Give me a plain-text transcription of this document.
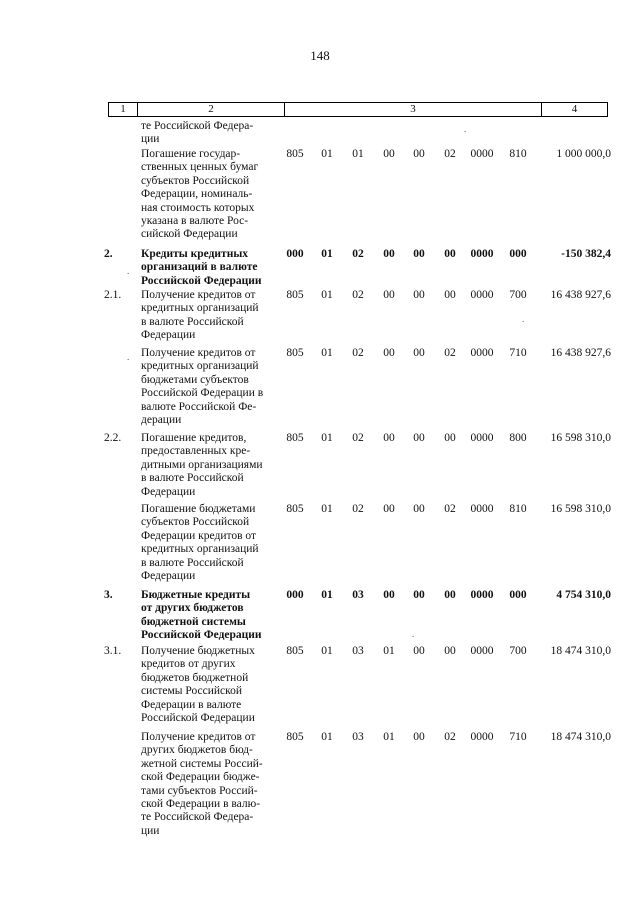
148
1	2	3	4
те Российской Федера-
ции
Погашение государ-
ственных ценных бумаг
субъектов Российской
Федерации, номиналь-
ная стоимость которых
указана в валюте Рос-
сийской Федерации
805	01	01	00	00	02	0000	810	1 000 000,0
2.	Кредиты кредитных
организаций в валюте
Российской Федерации
000	01	02	00	00	00	0000	000	-150 382,4
2.1.	Получение кредитов от
кредитных организаций
в валюте Российской
Федерации
805	01	02	00	00	00	0000	700	16 438 927,6
Получение кредитов от
кредитных организаций
бюджетами субъектов
Российской Федерации в
валюте Российской Фе-
дерации
805	01	02	00	00	02	0000	710	16 438 927,6
2.2.	Погашение кредитов,
предоставленных кре-
дитными организациями
в валюте Российской
Федерации
805	01	02	00	00	00	0000	800	16 598 310,0
Погашение бюджетами
субъектов Российской
Федерации кредитов от
кредитных организаций
в валюте Российской
Федерации
805	01	02	00	00	02	0000	810	16 598 310,0
3.	Бюджетные кредиты
от других бюджетов
бюджетной системы
Российской Федерации
000	01	03	00	00	00	0000	000	4 754 310,0
3.1.	Получение бюджетных
кредитов от других
бюджетов бюджетной
системы Российской
Федерации в валюте
Российской Федерации
805	01	03	01	00	00	0000	700	18 474 310,0
Получение кредитов от
других бюджетов бюд-
жетной системы Россий-
ской Федерации бюдже-
тами субъектов Россий-
ской Федерации в валю-
те Российской Федера-
ции
805	01	03	01	00	02	0000	710	18 474 310,0
.
.
.
.
.
